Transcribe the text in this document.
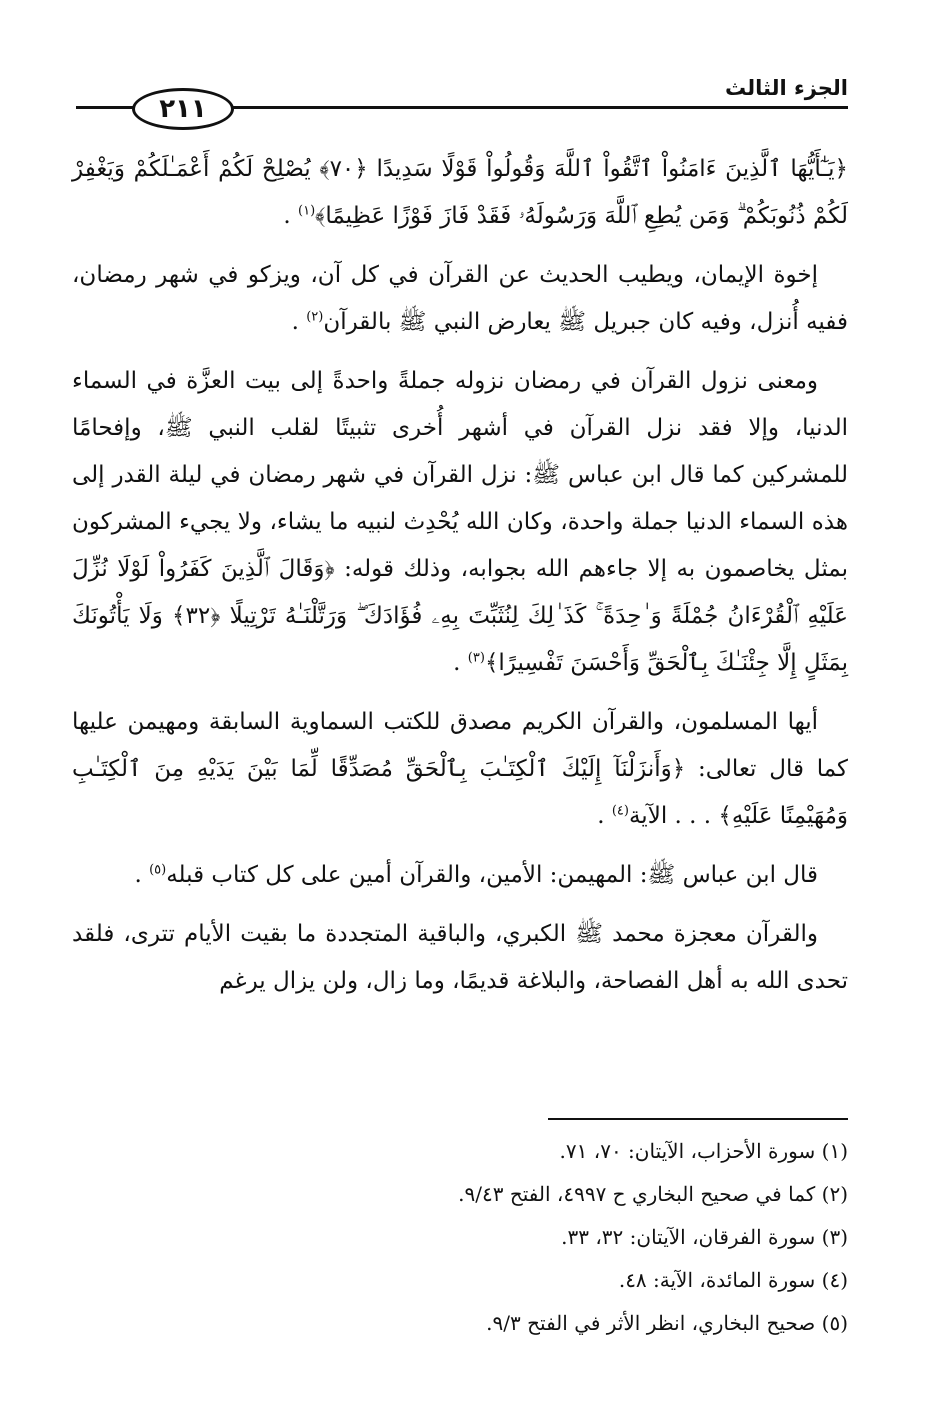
الجزء الثالث
٢١١

﴿يَـٰٓأَيُّهَا ٱلَّذِينَ ءَامَنُواْ ٱتَّقُواْ ٱللَّهَ وَقُولُواْ قَوْلًا سَدِيدًا ﴿٧٠﴾ يُصْلِحْ لَكُمْ أَعْمَـٰلَكُمْ وَيَغْفِرْ لَكُمْ ذُنُوبَكُمْ ۗ وَمَن يُطِعِ ٱللَّهَ وَرَسُولَهُۥ فَقَدْ فَازَ فَوْزًا عَظِيمًا﴾$^{(١)}$ .

إخوة الإيمان، ويطيب الحديث عن القرآن في كل آن، ويزكو في شهر رمضان، ففيه أُنزل، وفيه كان جبريل ﷺ يعارض النبي ﷺ بالقرآن$^{(٢)}$ .

ومعنى نزول القرآن في رمضان نزوله جملةً واحدةً إلى بيت العزَّة في السماء الدنيا، وإلا فقد نزل القرآن في أشهر أُخرى تثبيتًا لقلب النبي ﷺ، وإفحامًا للمشركين كما قال ابن عباس ﷺ: نزل القرآن في شهر رمضان في ليلة القدر إلى هذه السماء الدنيا جملة واحدة، وكان الله يُحْدِث لنبيه ما يشاء، ولا يجيء المشركون بمثل يخاصمون به إلا جاءهم الله بجوابه، وذلك قوله: ﴿وَقَالَ ٱلَّذِينَ كَفَرُواْ لَوْلَا نُزِّلَ عَلَيْهِ ٱلْقُرْءَانُ جُمْلَةً وَ ٰحِدَةً ۚ كَذَ ٰلِكَ لِنُثَبِّتَ بِهِۦ فُؤَادَكَ ۖ وَرَتَّلْنَـٰهُ تَرْتِيلًا ﴿٣٢﴾ وَلَا يَأْتُونَكَ بِمَثَلٍ إِلَّا جِئْنَـٰكَ بِٱلْحَقِّ وَأَحْسَنَ تَفْسِيرًا﴾$^{(٣)}$ .

أيها المسلمون، والقرآن الكريم مصدق للكتب السماوية السابقة ومهيمن عليها كما قال تعالى: ﴿وَأَنزَلْنَآ إِلَيْكَ ٱلْكِتَـٰبَ بِٱلْحَقِّ مُصَدِّقًا لِّمَا بَيْنَ يَدَيْهِ مِنَ ٱلْكِتَـٰبِ وَمُهَيْمِنًا عَلَيْهِ﴾ . . . الآية$^{(٤)}$ .

قال ابن عباس ﷺ: المهيمن: الأمين، والقرآن أمين على كل كتاب قبله$^{(٥)}$ .

والقرآن معجزة محمد ﷺ الكبري، والباقية المتجددة ما بقيت الأيام تترى، فلقد تحدى الله به أهل الفصاحة، والبلاغة قديمًا، وما زال، ولن يزال يرغم

(١) سورة الأحزاب، الآيتان: ٧٠، ٧١.

(٢) كما في صحيح البخاري ح ٤٩٩٧، الفتح ٩/٤٣.

(٣) سورة الفرقان، الآيتان: ٣٢، ٣٣.

(٤) سورة المائدة، الآية: ٤٨.

(٥) صحيح البخاري، انظر الأثر في الفتح ٩/٣.
